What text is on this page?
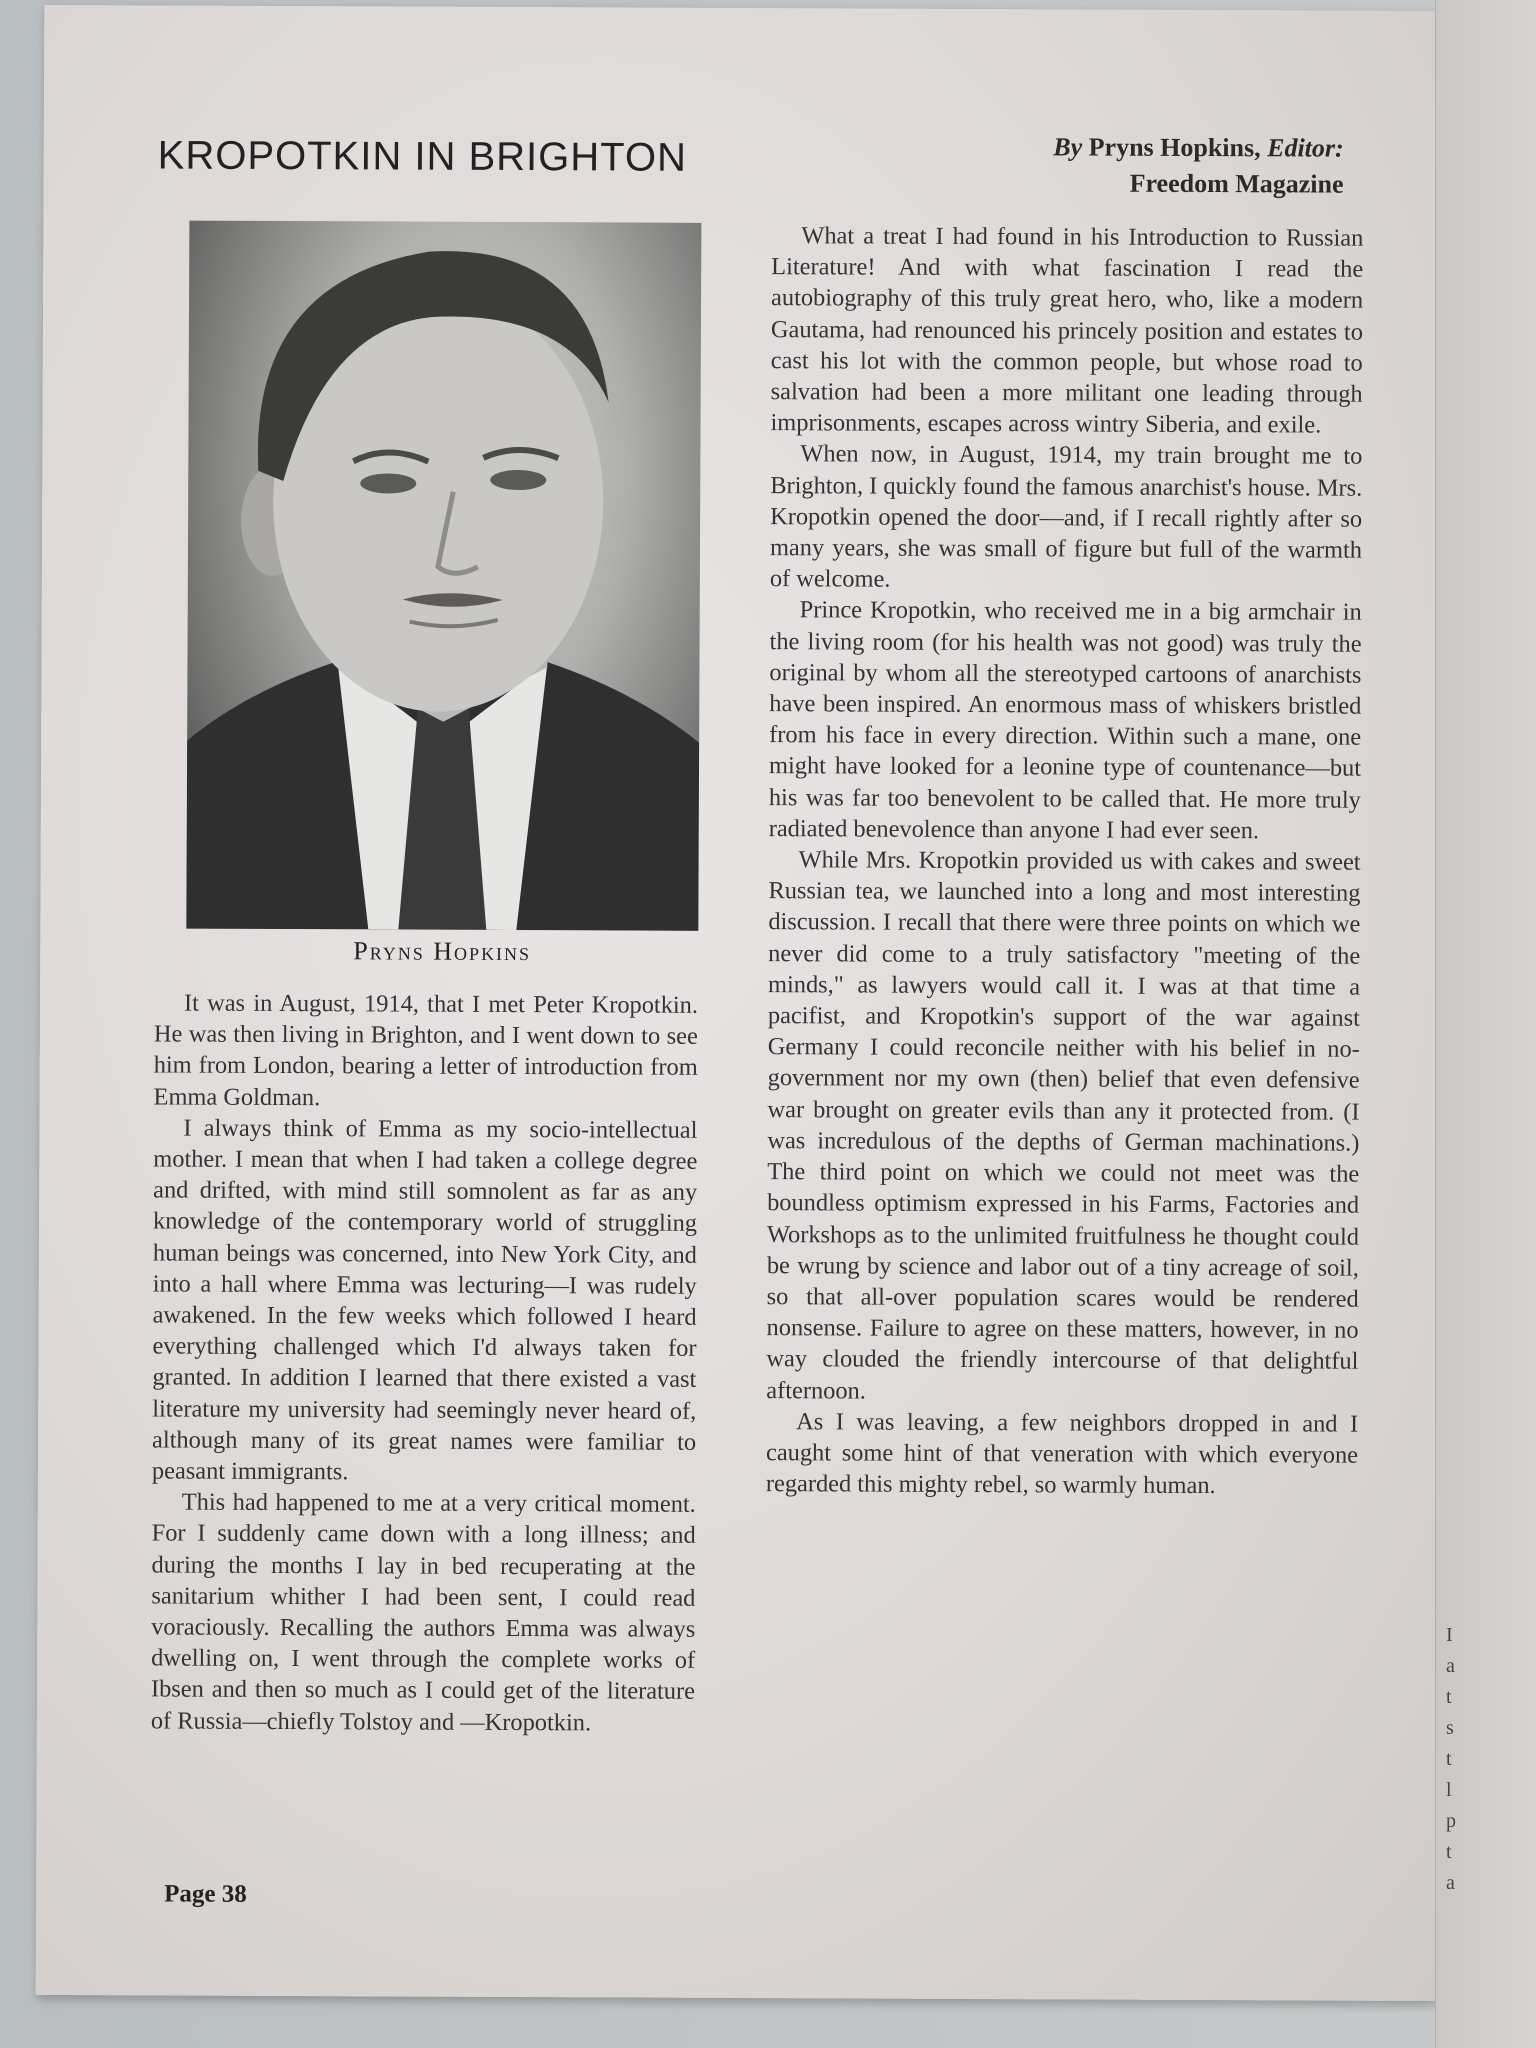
KROPOTKIN IN BRIGHTON	By Pryns Hopkins, Editor:
Freedom Magazine
Pryns Hopkins

It was in August, 1914, that I met Peter Kropotkin. He was then living in Brighton, and I went down to see him from London, bearing a letter of introduction from Emma Goldman.

I always think of Emma as my socio-intellectual mother. I mean that when I had taken a college degree and drifted, with mind still somnolent as far as any knowledge of the contemporary world of struggling human beings was concerned, into New York City, and into a hall where Emma was lecturing—I was rudely awakened. In the few weeks which followed I heard everything challenged which I'd always taken for granted. In addition I learned that there existed a vast literature my university had seemingly never heard of, although many of its great names were familiar to peasant immigrants.

This had happened to me at a very critical moment. For I suddenly came down with a long illness; and during the months I lay in bed recuperating at the sanitarium whither I had been sent, I could read voraciously. Recalling the authors Emma was always dwelling on, I went through the complete works of Ibsen and then so much as I could get of the literature of Russia—chiefly Tolstoy and —Kropotkin.

What a treat I had found in his Introduction to Russian Literature! And with what fascination I read the autobiography of this truly great hero, who, like a modern Gautama, had renounced his princely position and estates to cast his lot with the common people, but whose road to salvation had been a more militant one leading through imprisonments, escapes across wintry Siberia, and exile.

When now, in August, 1914, my train brought me to Brighton, I quickly found the famous anarchist's house. Mrs. Kropotkin opened the door—and, if I recall rightly after so many years, she was small of figure but full of the warmth of welcome.

Prince Kropotkin, who received me in a big armchair in the living room (for his health was not good) was truly the original by whom all the stereotyped cartoons of anarchists have been inspired. An enormous mass of whiskers bristled from his face in every direction. Within such a mane, one might have looked for a leonine type of countenance—but his was far too benevolent to be called that. He more truly radiated benevolence than anyone I had ever seen.

While Mrs. Kropotkin provided us with cakes and sweet Russian tea, we launched into a long and most interesting discussion. I recall that there were three points on which we never did come to a truly satisfactory "meeting of the minds," as lawyers would call it. I was at that time a pacifist, and Kropotkin's support of the war against Germany I could reconcile neither with his belief in no-government nor my own (then) belief that even defensive war brought on greater evils than any it protected from. (I was incredulous of the depths of German machinations.) The third point on which we could not meet was the boundless optimism expressed in his Farms, Factories and Workshops as to the unlimited fruitfulness he thought could be wrung by science and labor out of a tiny acreage of soil, so that all-over population scares would be rendered nonsense. Failure to agree on these matters, however, in no way clouded the friendly intercourse of that delightful afternoon.

As I was leaving, a few neighbors dropped in and I caught some hint of that veneration with which everyone regarded this mighty rebel, so warmly human.

Page 38
I
a
t
s
t
l
p
t
a
